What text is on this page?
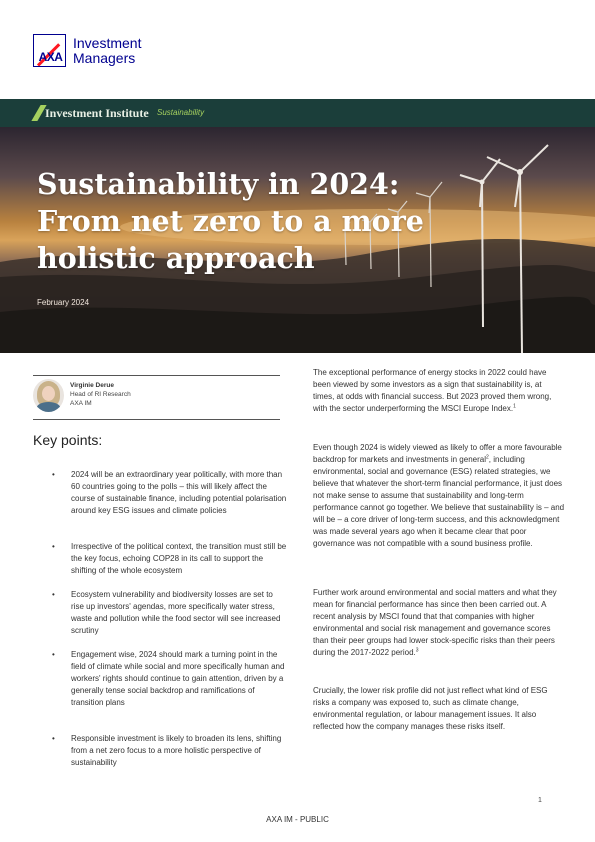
AXA
Investment
Managers
Investment Institute Sustainability
Sustainability in 2024: From net zero to a more holistic approach
February 2024
Virginie Derue
Head of RI Research
AXA IM
Key points:
• 2024 will be an extraordinary year politically, with more than 60 countries going to the polls – this will likely affect the course of sustainable finance, including potential polarisation around key ESG issues and climate policies
• Irrespective of the political context, the transition must still be the key focus, echoing COP28 in its call to support the shifting of the whole ecosystem
• Ecosystem vulnerability and biodiversity losses are set to rise up investors' agendas, more specifically water stress, waste and pollution while the food sector will see increased scrutiny
• Engagement wise, 2024 should mark a turning point in the field of climate while social and more specifically human and workers' rights should continue to gain attention, driven by a generally tense social backdrop and ramifications of transition plans
• Responsible investment is likely to broaden its lens, shifting from a net zero focus to a more holistic perspective of sustainability

The exceptional performance of energy stocks in 2022 could have been viewed by some investors as a sign that sustainability is, at times, at odds with financial success. But 2023 proved them wrong, with the sector underperforming the MSCI Europe Index.$^1$

Even though 2024 is widely viewed as likely to offer a more favourable backdrop for markets and investments in general$^2$, including environmental, social and governance (ESG) related strategies, we believe that whatever the short-term financial performance, it just does not make sense to assume that sustainability and long-term performance cannot go together. We believe that sustainability is – and will be – a core driver of long-term success, and this acknowledgment was made several years ago when it became clear that poor governance was not compatible with a sound business profile.

Further work around environmental and social matters and what they mean for financial performance has since then been carried out. A recent analysis by MSCI found that that companies with higher environmental and social risk management and governance scores than their peer groups had lower stock-specific risks than their peers during the 2017-2022 period.$^3$

Crucially, the lower risk profile did not just reflect what kind of ESG risks a company was exposed to, such as climate change, environmental regulation, or labour management issues. It also reflected how the company manages these risks itself.

1
AXA IM - PUBLIC
